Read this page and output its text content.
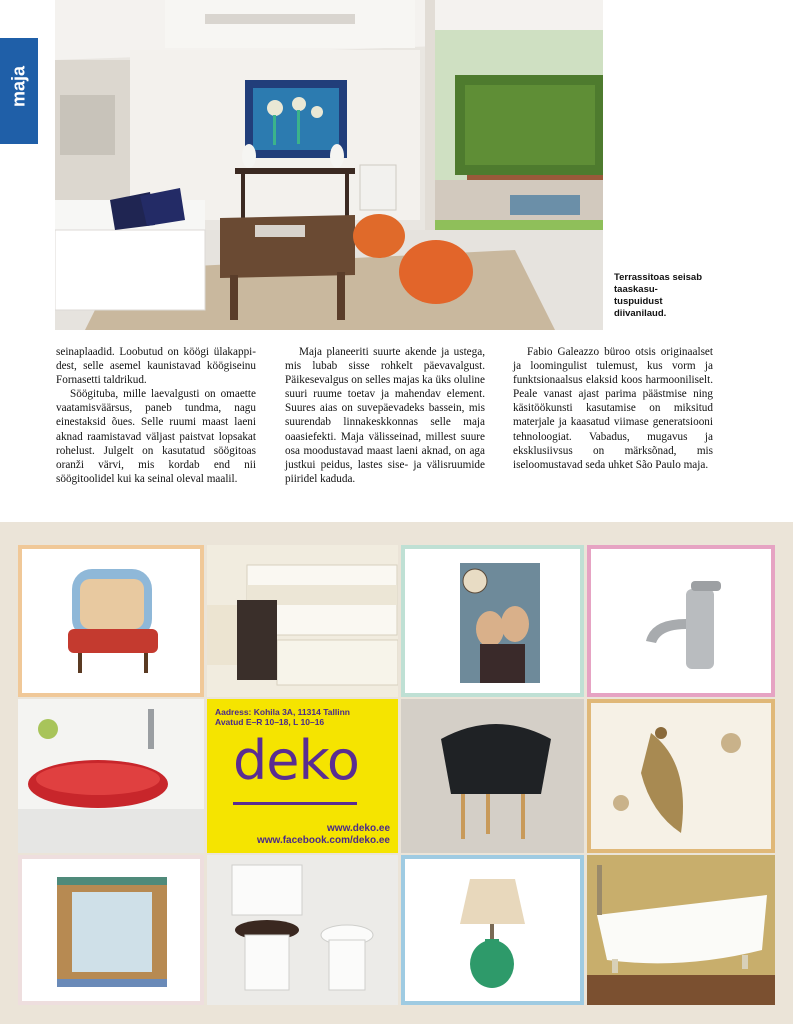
maja
Terrassitoas seisab taaskasu-tuspuidust diivanilaud.

seinaplaadid. Loobutud on köögi ülakappi-dest, selle asemel kaunistavad köögiseinu Fornasetti taldrikud.

Söögituba, mille laevalgusti on omaette vaatamisväärsus, paneb tundma, nagu einestaksid õues. Selle ruumi maast laeni aknad raamistavad väljast paistvat lopsakat rohelust. Julgelt on kasutatud söögitoas oranži värvi, mis kordab end nii söögitoolidel kui ka seinal oleval maalil.

Maja planeeriti suurte akende ja ustega, mis lubab sisse rohkelt päevavalgust. Päikesevalgus on selles majas ka üks oluline suuri ruume toetav ja mahendav element. Suures aias on suvepäevadeks bassein, mis suurendab linnakeskkonnas selle maja oaasiefekti. Maja välisseinad, millest suure osa moodustavad maast laeni aknad, on aga justkui peidus, lastes sise- ja välisruumide piiridel kaduda.

Fabio Galeazzo büroo otsis originaalset ja loomingulist tulemust, kus vorm ja funktsionaalsus elaksid koos harmooniliselt. Peale vanast ajast parima päästmise ning käsitöökunsti kasutamise on miksitud materjale ja kaasatud viimase generatsiooni tehnoloogiat. Vabadus, mugavus ja eksklusiivsus on märksõnad, mis iseloomustavad seda uhket São Paulo maja.

Aadress: Kohila 3A, 11314 Tallinn
Avatud E–R 10–18, L 10–16
deko
www.deko.ee
www.facebook.com/deko.ee
